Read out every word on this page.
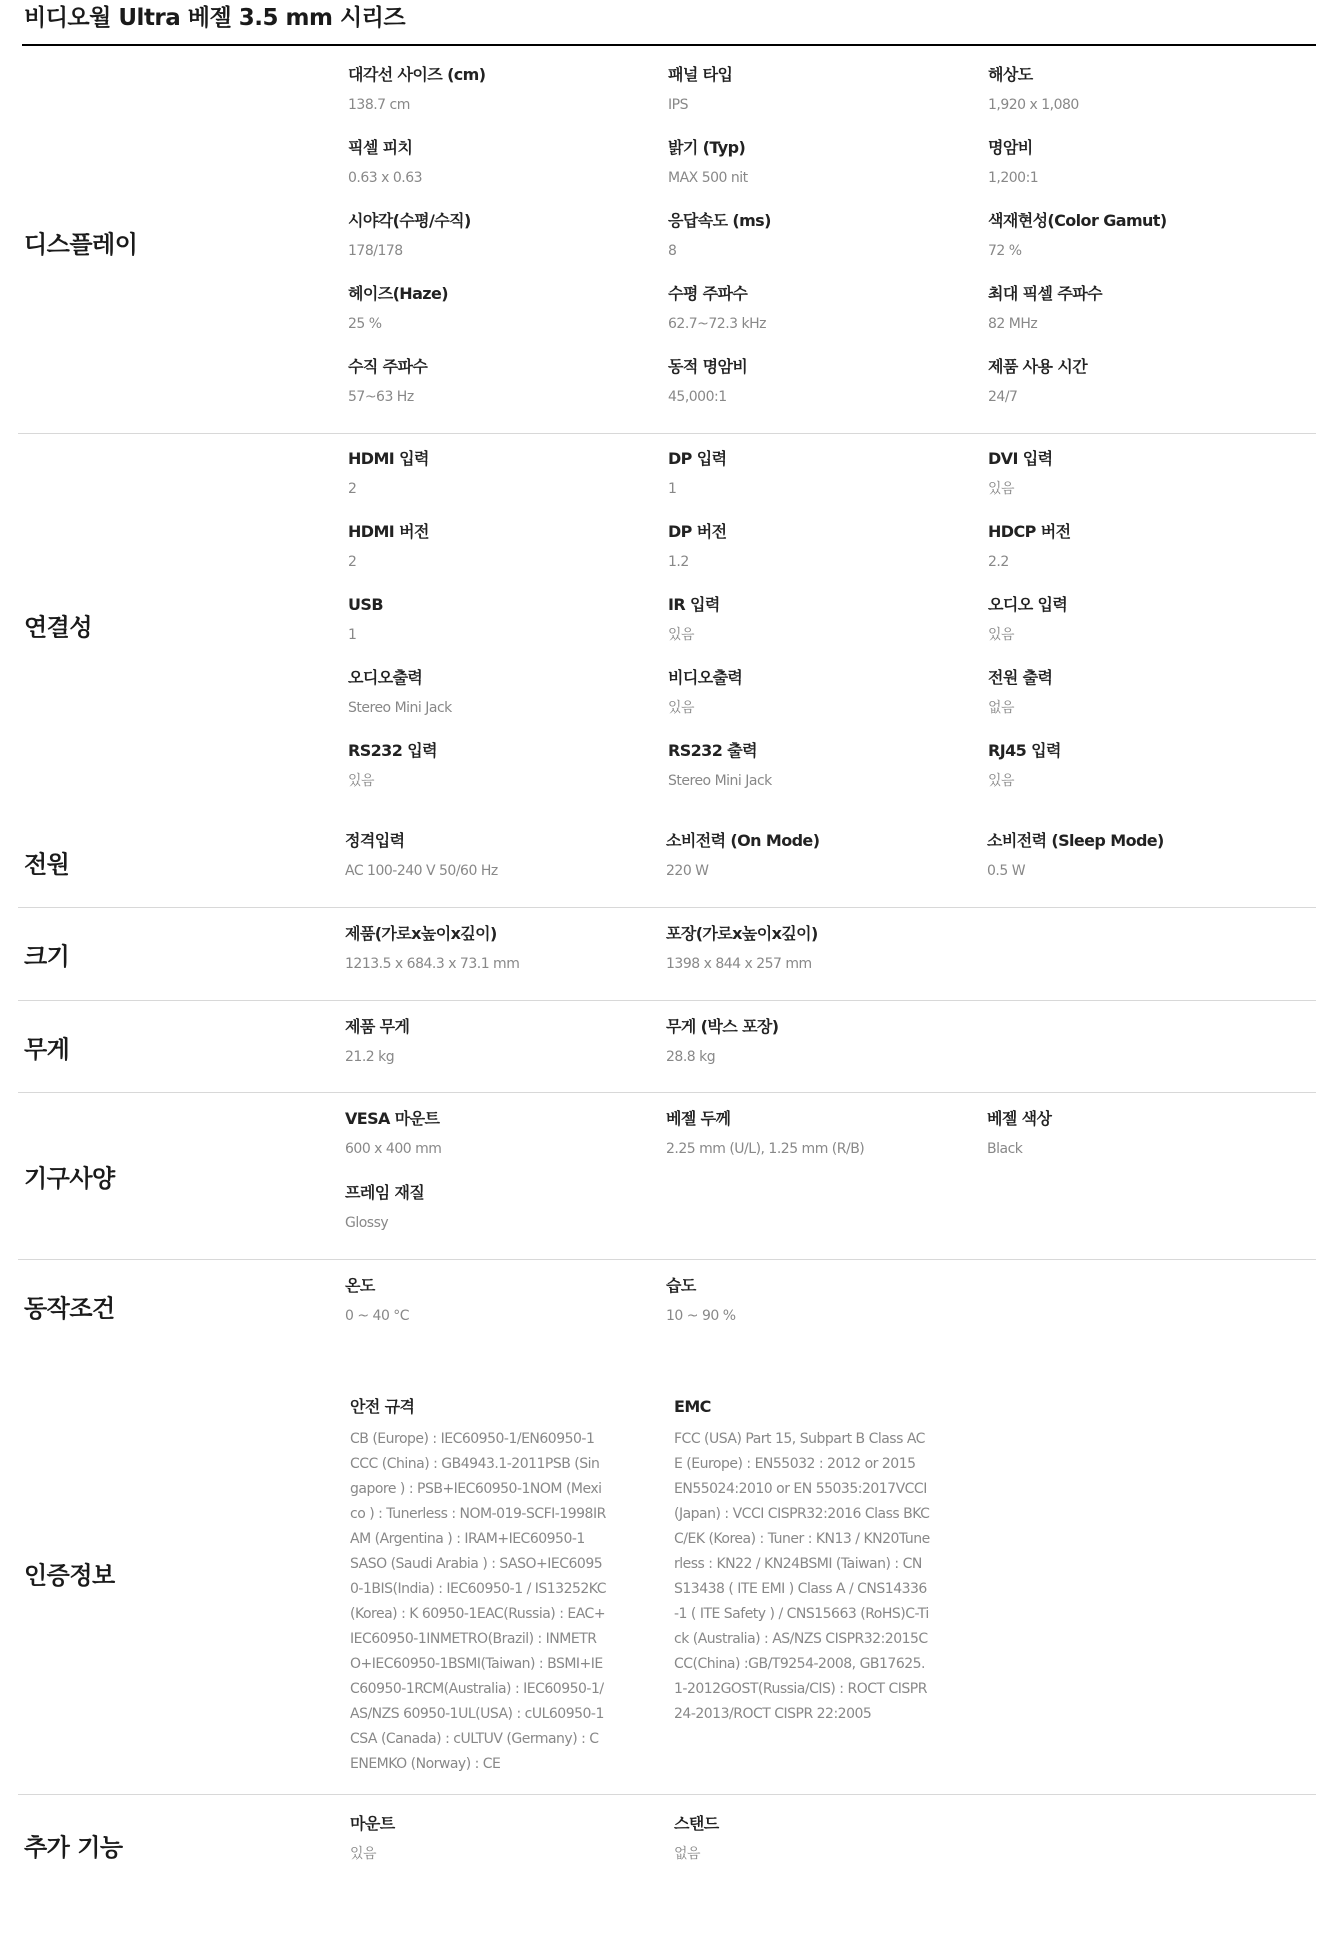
비디오월 Ultra 베젤 3.5 mm 시리즈
디스플레이
대각선 사이즈 (cm)
138.7 cm
패널 타입
IPS
해상도
1,920 x 1,080
픽셀 피치
0.63 x 0.63
밝기 (Typ)
MAX 500 nit
명암비
1,200:1
시야각(수평/수직)
178/178
응답속도 (ms)
8
색재현성(Color Gamut)
72 %
헤이즈(Haze)
25 %
수평 주파수
62.7~72.3 kHz
최대 픽셀 주파수
82 MHz
수직 주파수
57~63 Hz
동적 명암비
45,000:1
제품 사용 시간
24/7
연결성
HDMI 입력
2
DP 입력
1
DVI 입력
있음
HDMI 버전
2
DP 버전
1.2
HDCP 버전
2.2
USB
1
IR 입력
있음
오디오 입력
있음
오디오출력
Stereo Mini Jack
비디오출력
있음
전원 출력
없음
RS232 입력
있음
RS232 출력
Stereo Mini Jack
RJ45 입력
있음
전원
정격입력
AC 100-240 V 50/60 Hz
소비전력 (On Mode)
220 W
소비전력 (Sleep Mode)
0.5 W
크기
제품(가로x높이x깊이)
1213.5 x 684.3 x 73.1 mm
포장(가로x높이x깊이)
1398 x 844 x 257 mm
무게
제품 무게
21.2 kg
무게 (박스 포장)
28.8 kg
기구사양
VESA 마운트
600 x 400 mm
베젤 두께
2.25 mm (U/L), 1.25 mm (R/B)
베젤 색상
Black
프레임 재질
Glossy
동작조건
온도
0 ~ 40 °C
습도
10 ~ 90 %
인증정보
안전 규격
CB (Europe) : IEC60950-1/EN60950-1
CCC (China) : GB4943.1-2011PSB (Singapore ) : PSB+IEC60950-1NOM (Mexico ) : Tunerless : NOM-019-SCFI-1998IRAM (Argentina ) : IRAM+IEC60950-1
SASO (Saudi Arabia ) : SASO+IEC60950-1BIS(India) : IEC60950-1 / IS13252KC(Korea) : K 60950-1EAC(Russia) : EAC+IEC60950-1INMETRO(Brazil) : INMETRO+IEC60950-1BSMI(Taiwan) : BSMI+IEC60950-1RCM(Australia) : IEC60950-1/AS/NZS 60950-1UL(USA) : cUL60950-1 CSA (Canada) : cULTUV (Germany) : CENEMKO (Norway) : CE
EMC
FCC (USA) Part 15, Subpart B Class ACE (Europe) : EN55032 : 2012 or 2015
EN55024:2010 or EN 55035:2017VCCI (Japan) : VCCI CISPR32:2016 Class BKCC/EK (Korea) : Tuner : KN13 / KN20Tunerless : KN22 / KN24BSMI (Taiwan) : CNS13438 ( ITE EMI ) Class A / CNS14336-1 ( ITE Safety ) / CNS15663 (RoHS)C-Tick (Australia) : AS/NZS CISPR32:2015CCC(China) :GB/T9254-2008, GB17625.1-2012GOST(Russia/CIS) : ROCT CISPR 24-2013/ROCT CISPR 22:2005
추가 기능
마운트
있음
스탠드
없음
